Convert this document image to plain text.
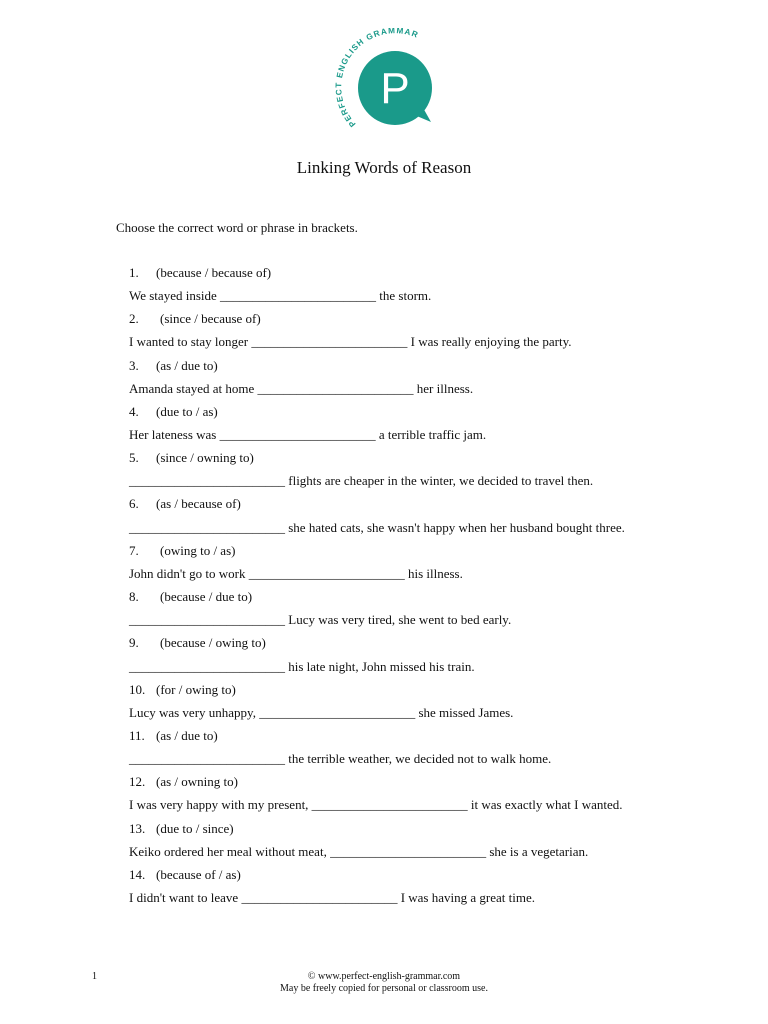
PERFECT ENGLISH GRAMMAR
P
Linking Words of Reason
Choose the correct word or phrase in brackets.
1. (because / because of)
We stayed inside ________________________ the storm.
2. (since / because of)
I wanted to stay longer ________________________ I was really enjoying the party.
3. (as / due to)
Amanda stayed at home ________________________ her illness.
4. (due to / as)
Her lateness was ________________________ a terrible traffic jam.
5. (since / owning to)
________________________ flights are cheaper in the winter, we decided to travel then.
6. (as / because of)
________________________ she hated cats, she wasn't happy when her husband bought three.
7. (owing to / as)
John didn't go to work ________________________ his illness.
8. (because / due to)
________________________ Lucy was very tired, she went to bed early.
9. (because / owing to)
________________________ his late night, John missed his train.
10. (for / owing to)
Lucy was very unhappy, ________________________ she missed James.
11. (as / due to)
________________________ the terrible weather, we decided not to walk home.
12. (as / owning to)
I was very happy with my present, ________________________ it was exactly what I wanted.
13. (due to / since)
Keiko ordered her meal without meat, ________________________ she is a vegetarian.
14. (because of / as)
I didn't want to leave ________________________ I was having a great time.
1	© www.perfect-english-grammar.com
May be freely copied for personal or classroom use.
